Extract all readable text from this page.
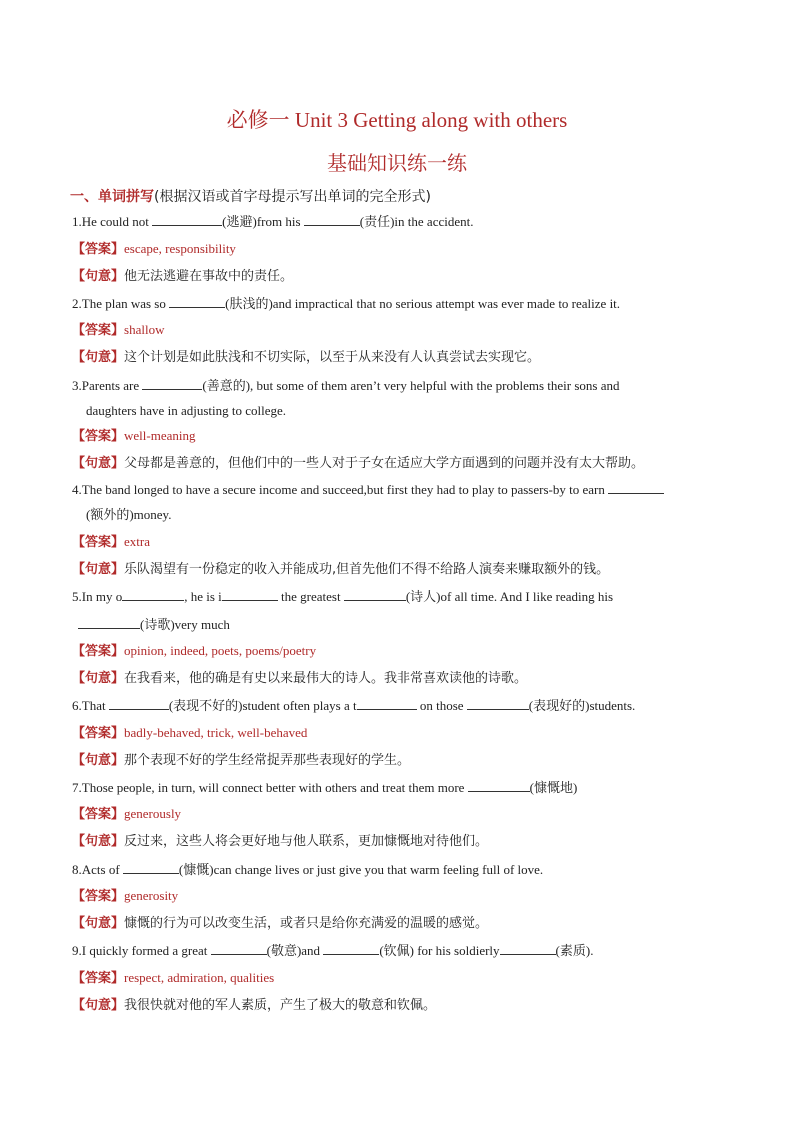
必修一 Unit 3 Getting along with others
基础知识练一练
一、单词拼写(根据汉语或首字母提示写出单词的完全形式)
1.He could not	(逃避)from his	(责任)in the accident.
【答案】escape, responsibility
【句意】他无法逃避在事故中的责任。
2.The plan was so	(肤浅的)and impractical that no serious attempt was ever made to realize it.
【答案】shallow
【句意】这个计划是如此肤浅和不切实际，以至于从来没有人认真尝试去实现它。
3.Parents are	(善意的), but some of them aren’t very helpful with the problems their sons and
daughters have in adjusting to college.
【答案】well-meaning
【句意】父母都是善意的，但他们中的一些人对于子女在适应大学方面遇到的问题并没有太大帮助。
4.The band longed to have a secure income and succeed,but first they had to play to passers-by to earn
(额外的)money.
【答案】extra
【句意】乐队渴望有一份稳定的收入并能成功,但首先他们不得不给路人演奏来赚取额外的钱。
5.In my o	, he is i	the greatest	(诗人)of all time. And I like reading his
(诗歌)very much
【答案】opinion, indeed, poets, poems/poetry
【句意】在我看来，他的确是有史以来最伟大的诗人。我非常喜欢读他的诗歌。
6.That	(表现不好的)student often plays a t	on those	(表现好的)students.
【答案】badly-behaved, trick, well-behaved
【句意】那个表现不好的学生经常捉弄那些表现好的学生。
7.Those people, in turn, will connect better with others and treat them more	(慷慨地)
【答案】generously
【句意】反过来，这些人将会更好地与他人联系，更加慷慨地对待他们。
8.Acts of	(慷慨)can change lives or just give you that warm feeling full of love.
【答案】generosity
【句意】慷慨的行为可以改变生活，或者只是给你充满爱的温暖的感觉。
9.I quickly formed a great	(敬意)and	(钦佩) for his soldierly	(素质).
【答案】respect, admiration, qualities
【句意】我很快就对他的军人素质，产生了极大的敬意和钦佩。
